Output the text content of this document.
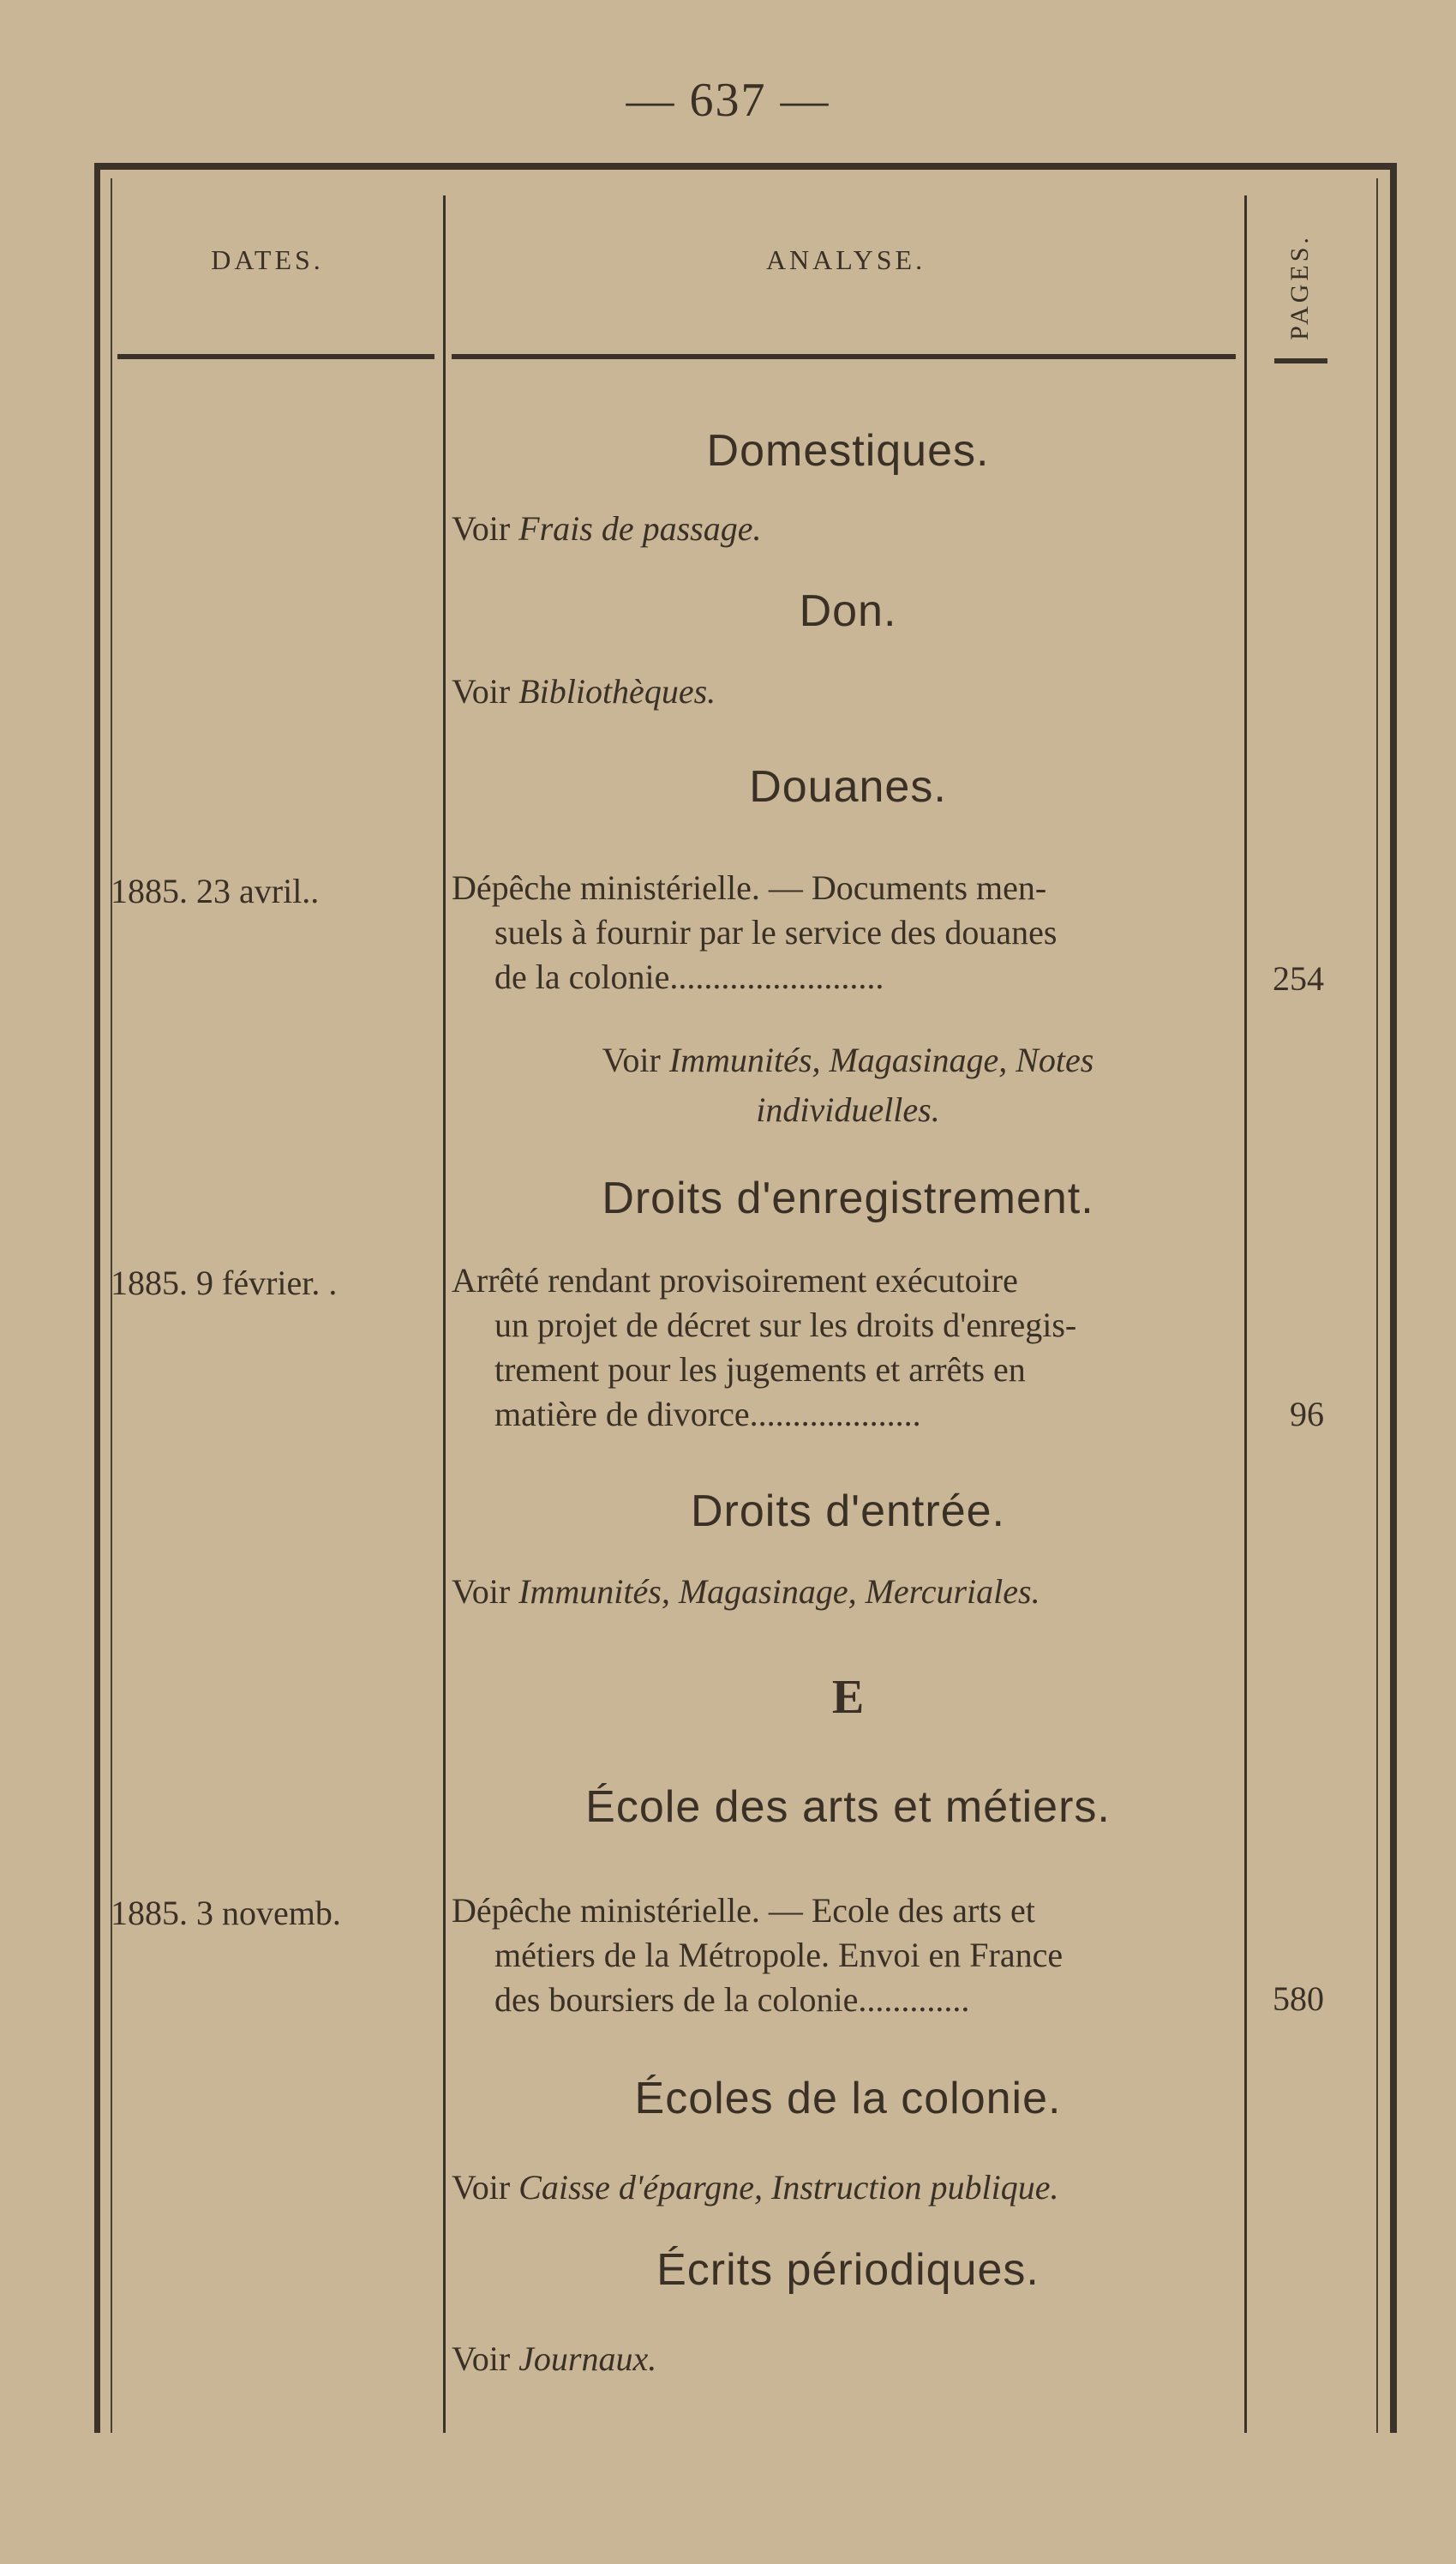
— 637 —
DATES.	ANALYSE.	PAGES.
Domestiques.
Voir Frais de passage.
Don.
Voir Bibliothèques.
Douanes.
1885. 23 avril..	Dépêche ministérielle. — Documents men-
suels à fournir par le service des douanes
de la colonie.........................	254
Voir Immunités, Magasinage, Notes
individuelles.
Droits d'enregistrement.
1885. 9 février. .	Arrêté rendant provisoirement exécutoire
un projet de décret sur les droits d'enregis-
trement pour les jugements et arrêts en
matière de divorce....................	96
Droits d'entrée.
Voir Immunités, Magasinage, Mercuriales.
E
École des arts et métiers.
1885. 3 novemb.	Dépêche ministérielle. — Ecole des arts et
métiers de la Métropole. Envoi en France
des boursiers de la colonie.............	580
Écoles de la colonie.
Voir Caisse d'épargne, Instruction publique.
Écrits périodiques.
Voir Journaux.
